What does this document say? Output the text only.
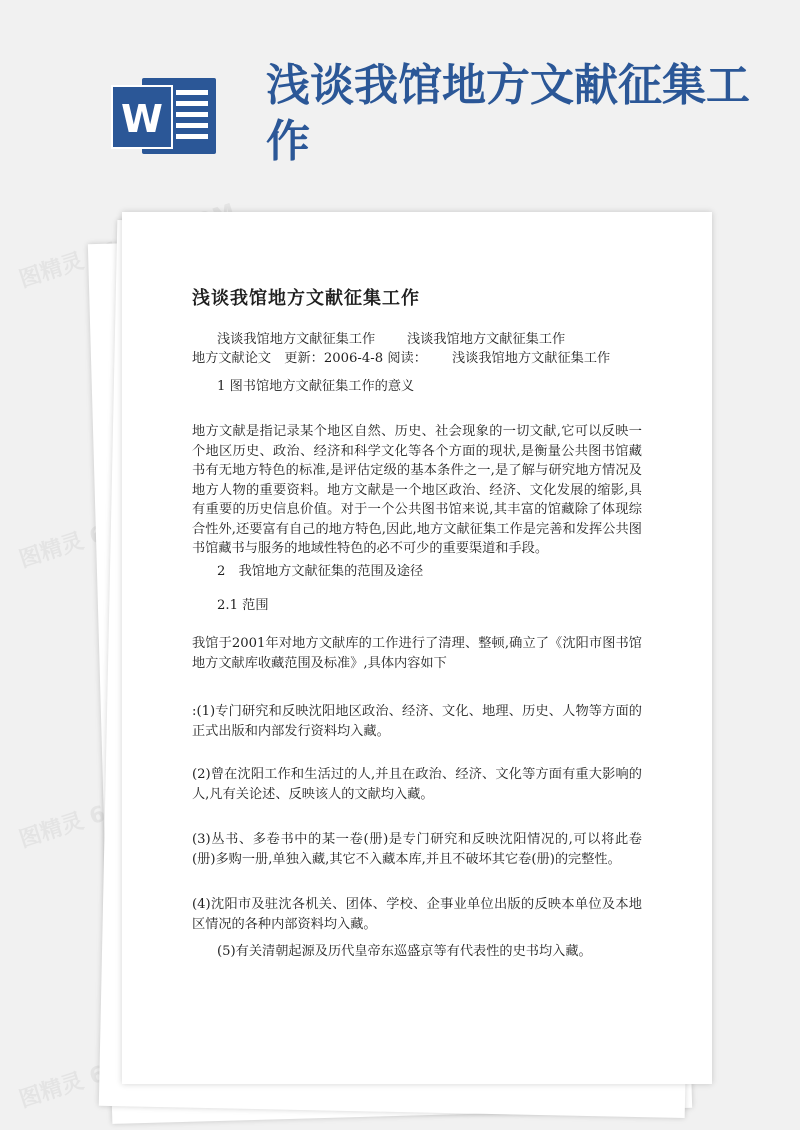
图精灵
图精灵
图精灵
图精灵
W
浅谈我馆地方文献征集工作
浅谈我馆地方文献征集工作
浅谈我馆地方文献征集工作 浅谈我馆地方文献征集工作
地方文献论文　更新：2006-4-8 阅读： 浅谈我馆地方文献征集工作
1 图书馆地方文献征集工作的意义
地方文献是指记录某个地区自然、历史、社会现象的一切文献,它可以反映一个地区历史、政治、经济和科学文化等各个方面的现状,是衡量公共图书馆藏书有无地方特色的标准,是评估定级的基本条件之一,是了解与研究地方情况及地方人物的重要资料。地方文献是一个地区政治、经济、文化发展的缩影,具有重要的历史信息价值。对于一个公共图书馆来说,其丰富的馆藏除了体现综合性外,还要富有自己的地方特色,因此,地方文献征集工作是完善和发挥公共图书馆藏书与服务的地域性特色的必不可少的重要渠道和手段。
2　我馆地方文献征集的范围及途径
2.1 范围
我馆于2001年对地方文献库的工作进行了清理、整顿,确立了《沈阳市图书馆地方文献库收藏范围及标准》,具体内容如下
:(1)专门研究和反映沈阳地区政治、经济、文化、地理、历史、人物等方面的正式出版和内部发行资料均入藏。
(2)曾在沈阳工作和生活过的人,并且在政治、经济、文化等方面有重大影响的人,凡有关论述、反映该人的文献均入藏。
(3)丛书、多卷书中的某一卷(册)是专门研究和反映沈阳情况的,可以将此卷(册)多购一册,单独入藏,其它不入藏本库,并且不破坏其它卷(册)的完整性。
(4)沈阳市及驻沈各机关、团体、学校、企事业单位出版的反映本单位及本地区情况的各种内部资料均入藏。
(5)有关清朝起源及历代皇帝东巡盛京等有代表性的史书均入藏。
